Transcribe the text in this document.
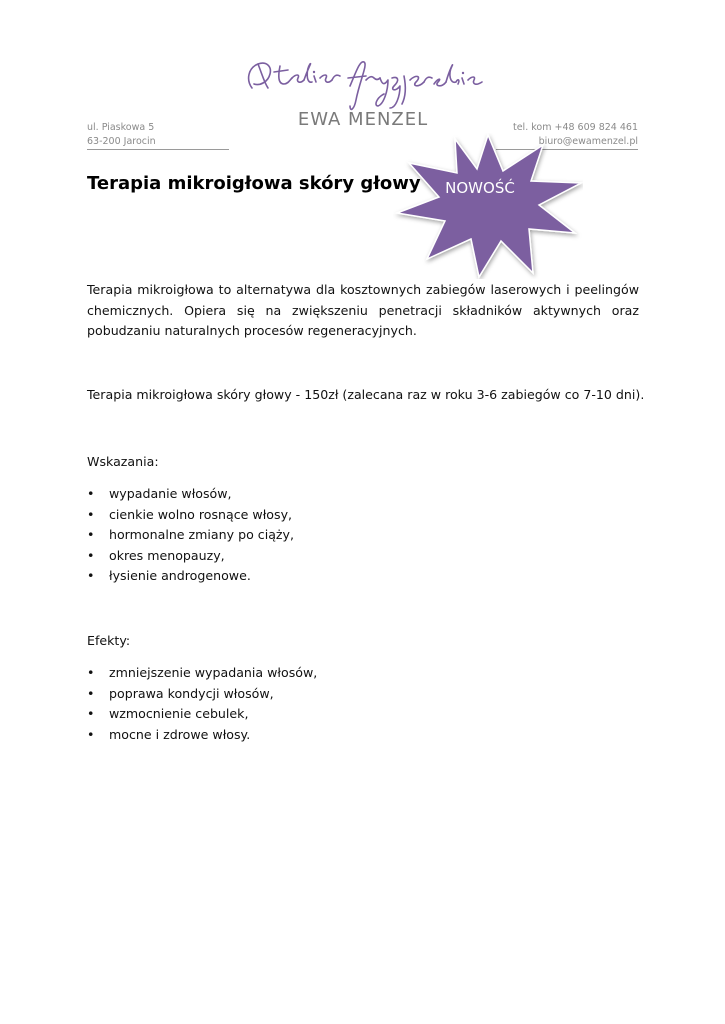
EWA MENZEL
ul. Piaskowa 5
63-200 Jarocin
tel. kom +48 609 824 461
biuro@ewamenzel.pl
Terapia mikroigłowa skóry głowy	NOWOŚĆ

Terapia mikroigłowa to alternatywa dla kosztownych zabiegów laserowych i peelingów chemicznych. Opiera się na zwiększeniu penetracji składników aktywnych oraz pobudzaniu naturalnych procesów regeneracyjnych.

Terapia mikroigłowa skóry głowy - 150zł (zalecana raz w roku 3-6 zabiegów co 7-10 dni).

Wskazania:

• wypadanie włosów,
• cienkie wolno rosnące włosy,
• hormonalne zmiany po ciąży,
• okres menopauzy,
• łysienie androgenowe.

Efekty:

• zmniejszenie wypadania włosów,
• poprawa kondycji włosów,
• wzmocnienie cebulek,
• mocne i zdrowe włosy.
